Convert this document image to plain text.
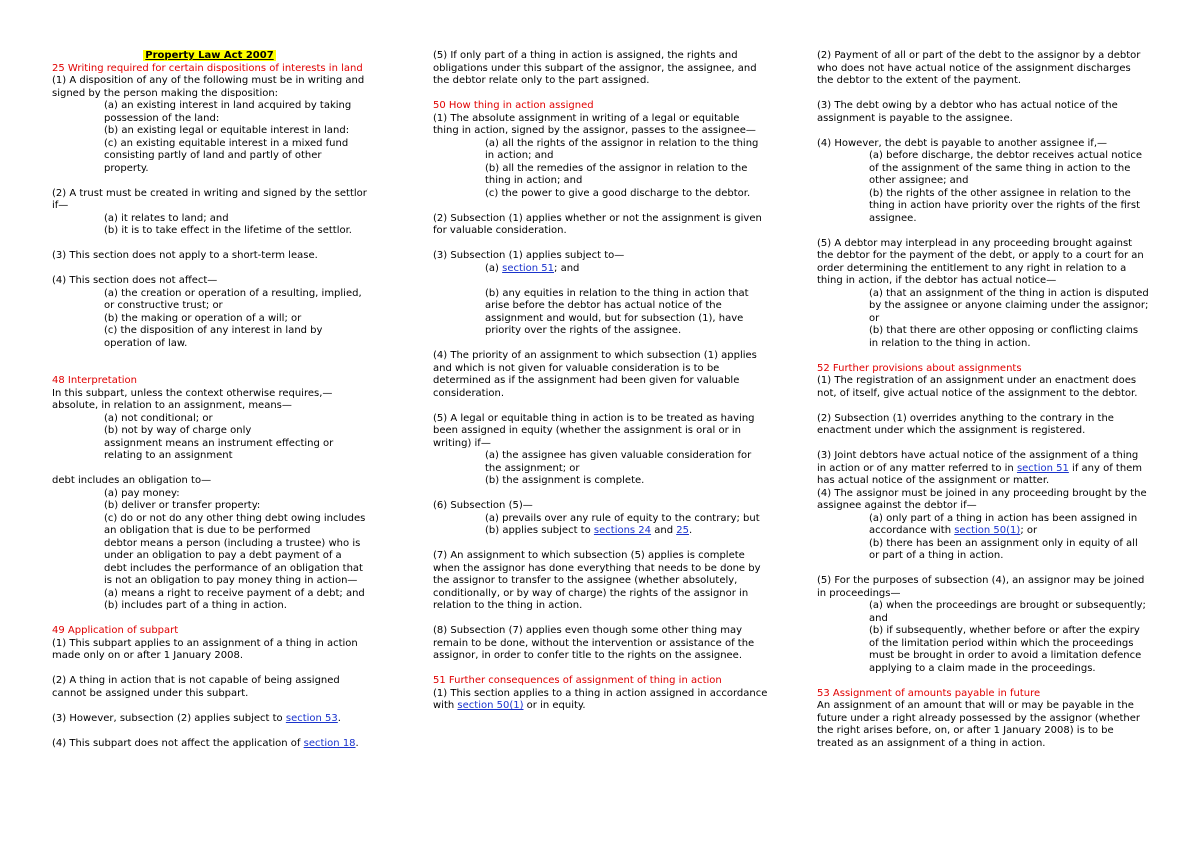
Property Law Act 2007

25 Writing required for certain dispositions of interests in land

(1) A disposition of any of the following must be in writing and signed by the person making the disposition:

(a) an existing interest in land acquired by taking possession of the land:

(b) an existing legal or equitable interest in land:

(c) an existing equitable interest in a mixed fund consisting partly of land and partly of other property.

(2) A trust must be created in writing and signed by the settlor if—

(a) it relates to land; and

(b) it is to take effect in the lifetime of the settlor.

(3) This section does not apply to a short-term lease.

(4) This section does not affect—

(a) the creation or operation of a resulting, implied, or constructive trust; or

(b) the making or operation of a will; or

(c) the disposition of any interest in land by operation of law.

48 Interpretation

In this subpart, unless the context otherwise requires,—

absolute, in relation to an assignment, means—

(a) not conditional; or

(b) not by way of charge only

assignment means an instrument effecting or relating to an assignment

debt includes an obligation to—

(a) pay money:

(b) deliver or transfer property:

(c) do or not do any other thing debt owing includes an obligation that is due to be performed

debtor means a person (including a trustee) who is under an obligation to pay a debt payment of a debt includes the performance of an obligation that is not an obligation to pay money thing in action—

(a) means a right to receive payment of a debt; and

(b) includes part of a thing in action.

49 Application of subpart

(1) This subpart applies to an assignment of a thing in action made only on or after 1 January 2008.

(2) A thing in action that is not capable of being assigned cannot be assigned under this subpart.

(3) However, subsection (2) applies subject to section 53.

(4) This subpart does not affect the application of section 18.

(5) If only part of a thing in action is assigned, the rights and obligations under this subpart of the assignor, the assignee, and the debtor relate only to the part assigned.

50 How thing in action assigned

(1) The absolute assignment in writing of a legal or equitable thing in action, signed by the assignor, passes to the assignee—

(a) all the rights of the assignor in relation to the thing in action; and

(b) all the remedies of the assignor in relation to the thing in action; and

(c) the power to give a good discharge to the debtor.

(2) Subsection (1) applies whether or not the assignment is given for valuable consideration.

(3) Subsection (1) applies subject to—

(a) section 51; and

(b) any equities in relation to the thing in action that arise before the debtor has actual notice of the assignment and would, but for subsection (1), have priority over the rights of the assignee.

(4) The priority of an assignment to which subsection (1) applies and which is not given for valuable consideration is to be determined as if the assignment had been given for valuable consideration.

(5) A legal or equitable thing in action is to be treated as having been assigned in equity (whether the assignment is oral or in writing) if—

(a) the assignee has given valuable consideration for the assignment; or

(b) the assignment is complete.

(6) Subsection (5)—

(a) prevails over any rule of equity to the contrary; but

(b) applies subject to sections 24 and 25.

(7) An assignment to which subsection (5) applies is complete when the assignor has done everything that needs to be done by the assignor to transfer to the assignee (whether absolutely, conditionally, or by way of charge) the rights of the assignor in relation to the thing in action.

(8) Subsection (7) applies even though some other thing may remain to be done, without the intervention or assistance of the assignor, in order to confer title to the rights on the assignee.

51 Further consequences of assignment of thing in action

(1) This section applies to a thing in action assigned in accordance with section 50(1) or in equity.

(2) Payment of all or part of the debt to the assignor by a debtor who does not have actual notice of the assignment discharges the debtor to the extent of the payment.

(3) The debt owing by a debtor who has actual notice of the assignment is payable to the assignee.

(4) However, the debt is payable to another assignee if,—

(a) before discharge, the debtor receives actual notice of the assignment of the same thing in action to the other assignee; and

(b) the rights of the other assignee in relation to the thing in action have priority over the rights of the first assignee.

(5) A debtor may interplead in any proceeding brought against the debtor for the payment of the debt, or apply to a court for an order determining the entitlement to any right in relation to a thing in action, if the debtor has actual notice—

(a) that an assignment of the thing in action is disputed by the assignee or anyone claiming under the assignor; or

(b) that there are other opposing or conflicting claims in relation to the thing in action.

52 Further provisions about assignments

(1) The registration of an assignment under an enactment does not, of itself, give actual notice of the assignment to the debtor.

(2) Subsection (1) overrides anything to the contrary in the enactment under which the assignment is registered.

(3) Joint debtors have actual notice of the assignment of a thing in action or of any matter referred to in section 51 if any of them has actual notice of the assignment or matter.

(4) The assignor must be joined in any proceeding brought by the assignee against the debtor if—

(a) only part of a thing in action has been assigned in accordance with section 50(1); or

(b) there has been an assignment only in equity of all or part of a thing in action.

(5) For the purposes of subsection (4), an assignor may be joined in proceedings—

(a) when the proceedings are brought or subsequently; and

(b) if subsequently, whether before or after the expiry of the limitation period within which the proceedings must be brought in order to avoid a limitation defence applying to a claim made in the proceedings.

53 Assignment of amounts payable in future

An assignment of an amount that will or may be payable in the future under a right already possessed by the assignor (whether the right arises before, on, or after 1 January 2008) is to be treated as an assignment of a thing in action.
